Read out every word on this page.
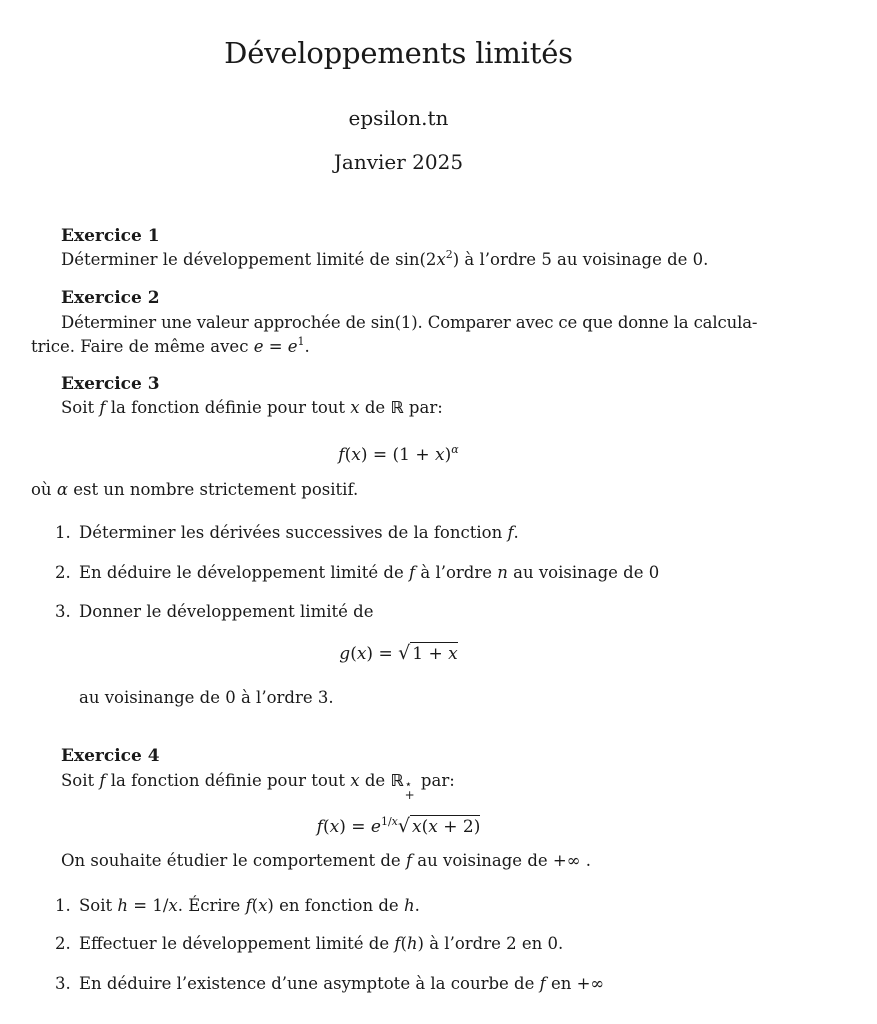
Développements limités
epsilon.tn
Janvier 2025
Exercice 1
Déterminer le développement limité de $\sin(2x^2)$ à l’ordre 5 au voisinage de 0.
Exercice 2
Déterminer une valeur approchée de sin(1). Comparer avec ce que donne la calcula-
trice. Faire de même avec $e = e^1$.
Exercice 3
Soit f la fonction définie pour tout x de ℝ par:
$f(x) = (1 + x)^\alpha$
où α est un nombre strictement positif.
1. Déterminer les dérivées successives de la fonction f.
2. En déduire le développement limité de f à l’ordre n au voisinage de 0
3. Donner le développement limité de
g(x) = √ 1 + x
au voisinange de 0 à l’ordre 3.
Exercice 4
Soit f la fonction définie pour tout x de ℝ ⋆
+
par:
$f(x) = e^{1/x}√$ x(x + 2)
On souhaite étudier le comportement de f au voisinage de +∞ .
1. Soit h = 1/x. Écrire f(x) en fonction de h.
2. Effectuer le développement limité de f(h) à l’ordre 2 en 0.
3. En déduire l’existence d’une asymptote à la courbe de f en +∞
